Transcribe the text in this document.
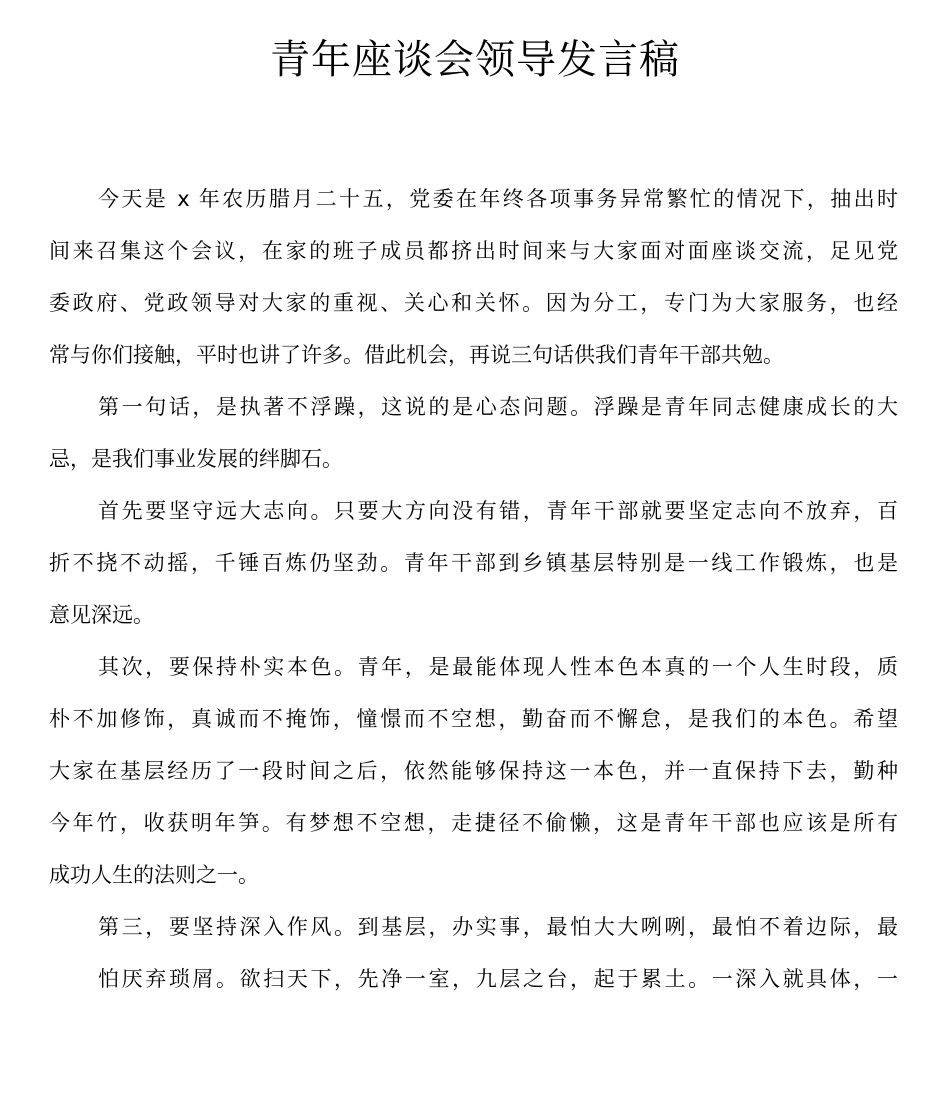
青年座谈会领导发言稿

今天是 x 年农历腊月二十五，党委在年终各项事务异常繁忙的情况下，抽出时

间来召集这个会议，在家的班子成员都挤出时间来与大家面对面座谈交流，足见党

委政府、党政领导对大家的重视、关心和关怀。因为分工，专门为大家服务，也经

常与你们接触，平时也讲了许多。借此机会，再说三句话供我们青年干部共勉。

第一句话，是执著不浮躁，这说的是心态问题。浮躁是青年同志健康成长的大

忌，是我们事业发展的绊脚石。

首先要坚守远大志向。只要大方向没有错，青年干部就要坚定志向不放弃，百

折不挠不动摇，千锤百炼仍坚劲。青年干部到乡镇基层特别是一线工作锻炼，也是

意见深远。

其次，要保持朴实本色。青年，是最能体现人性本色本真的一个人生时段，质

朴不加修饰，真诚而不掩饰，憧憬而不空想，勤奋而不懈怠，是我们的本色。希望

大家在基层经历了一段时间之后，依然能够保持这一本色，并一直保持下去，勤种

今年竹，收获明年笋。有梦想不空想，走捷径不偷懒，这是青年干部也应该是所有

成功人生的法则之一。

第三，要坚持深入作风。到基层，办实事，最怕大大咧咧，最怕不着边际，最

怕厌弃琐屑。欲扫天下，先净一室，九层之台，起于累土。一深入就具体，一
